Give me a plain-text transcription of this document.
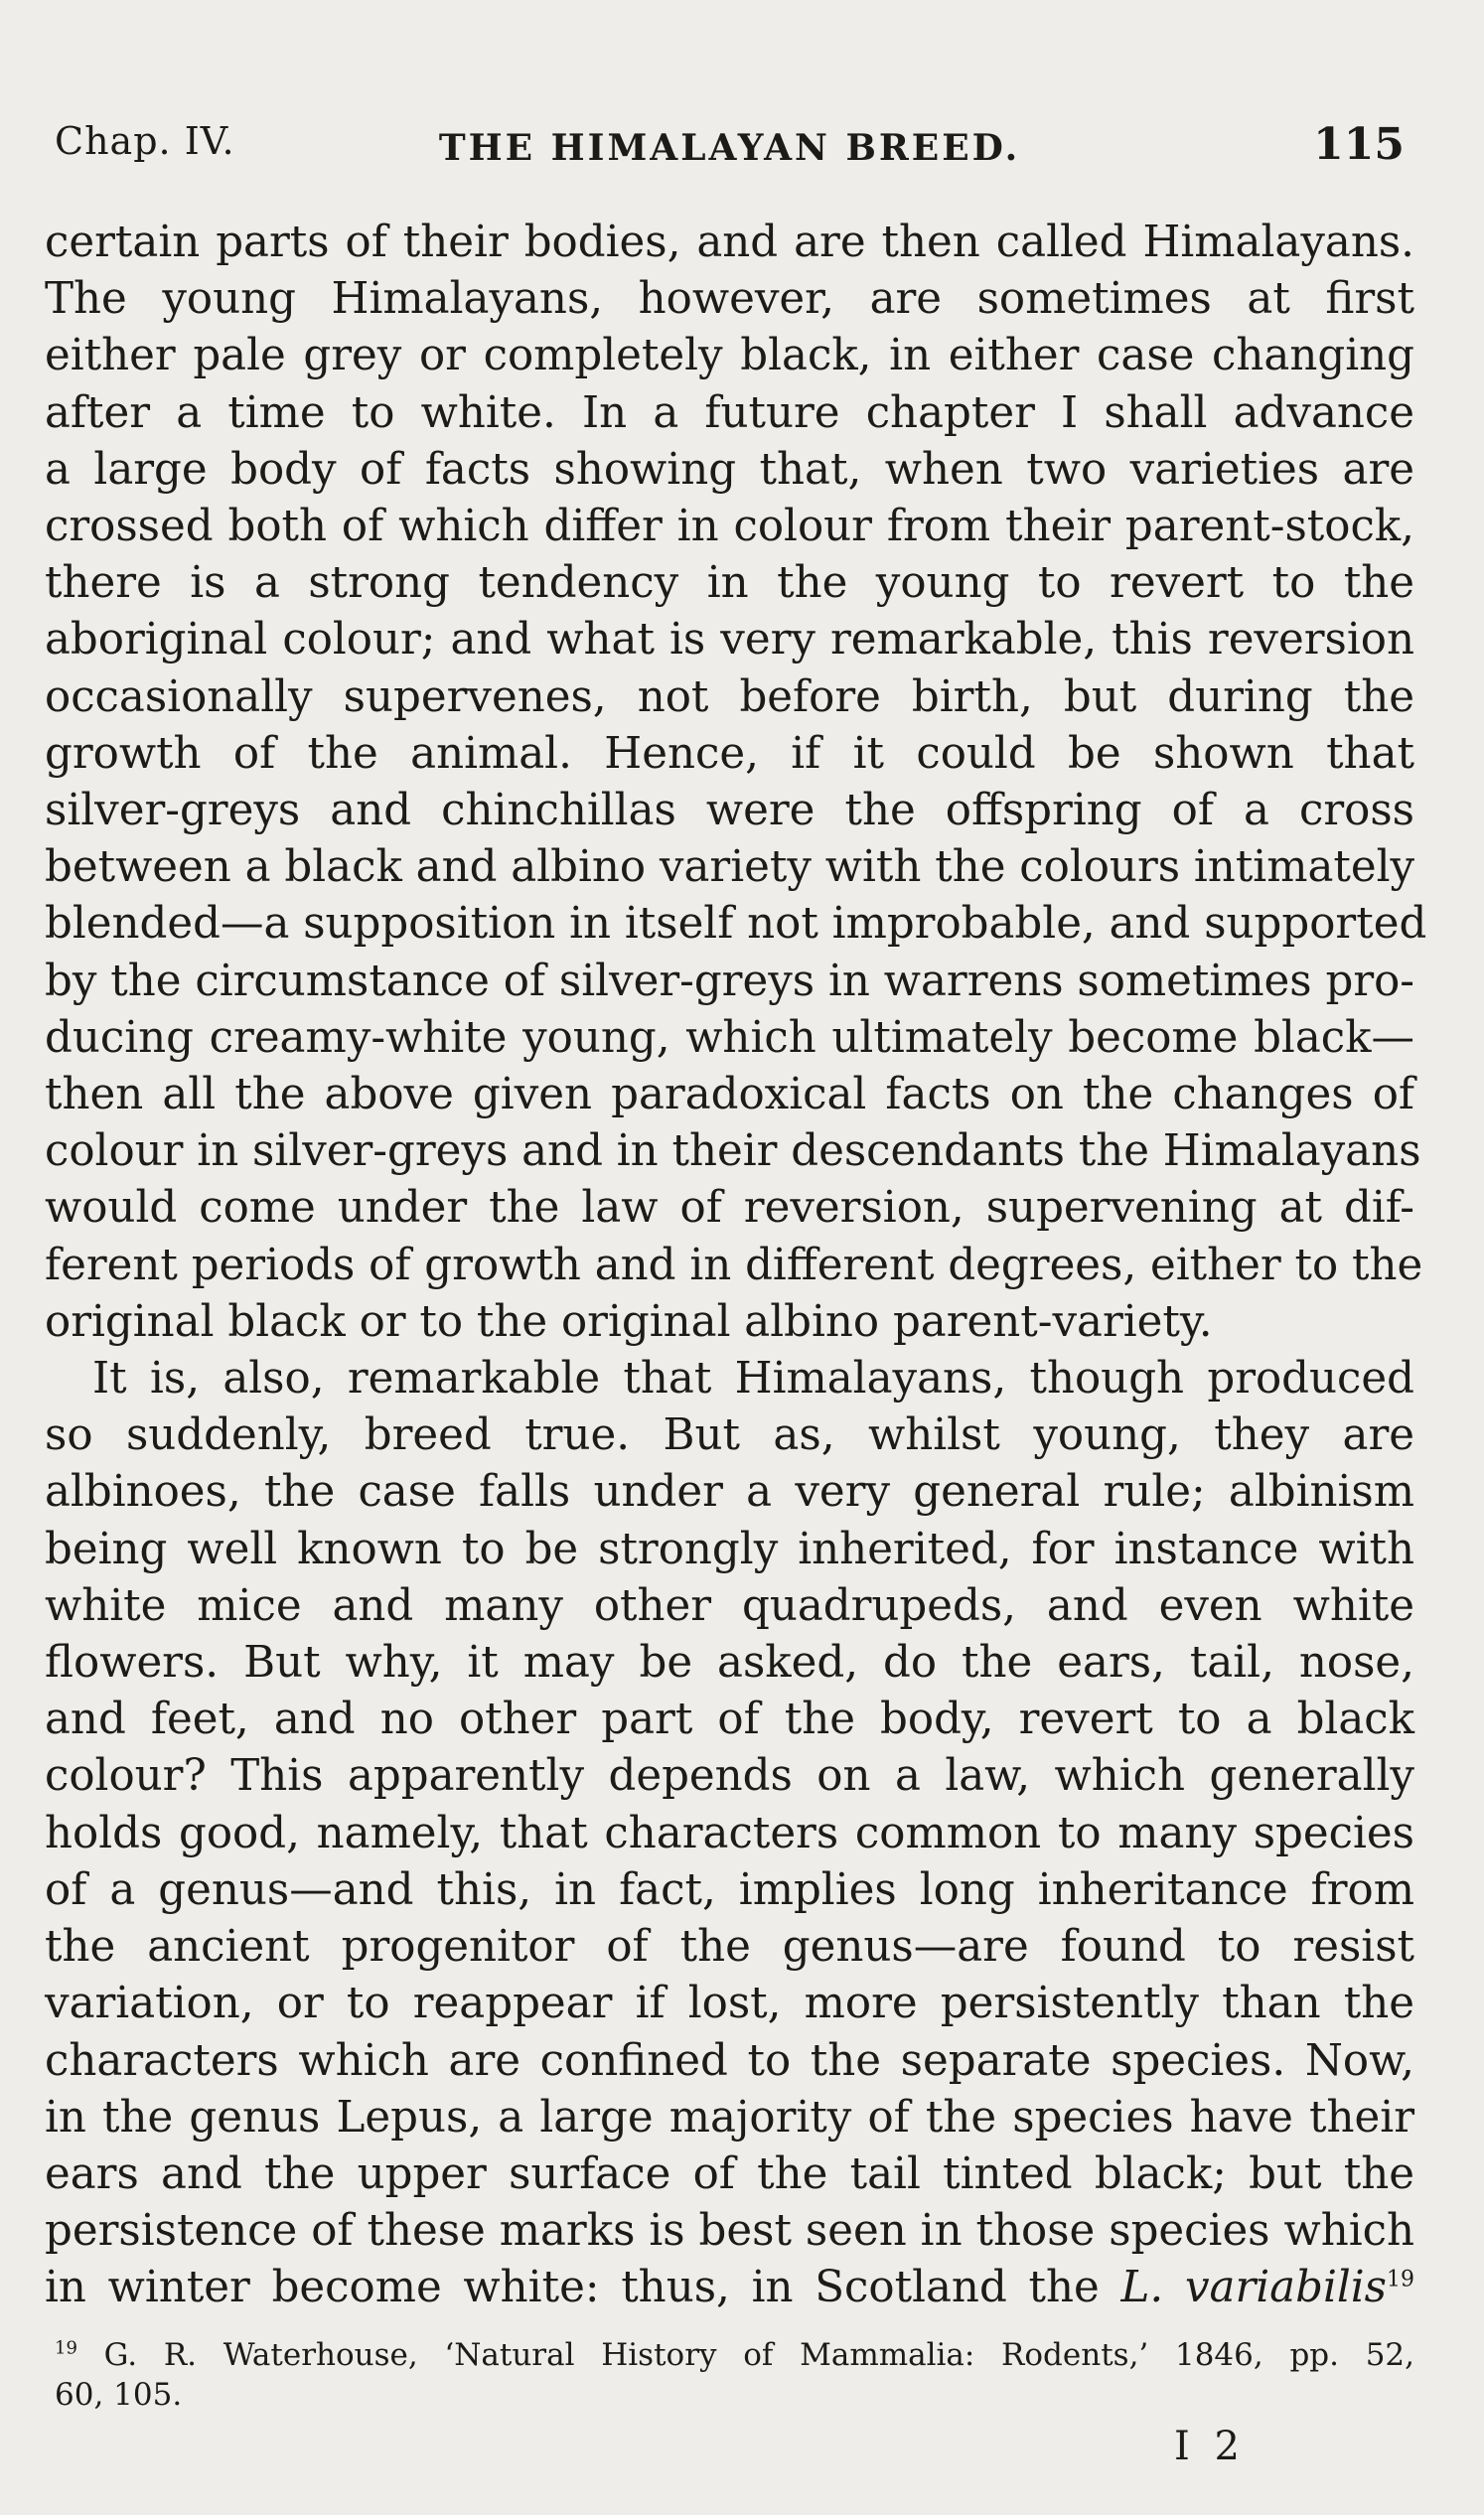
Chap. IV.	THE HIMALAYAN BREED.	115
certain parts of their bodies, and are then called Himalayans.
The young Himalayans, however, are sometimes at first
either pale grey or completely black, in either case changing
after a time to white. In a future chapter I shall advance
a large body of facts showing that, when two varieties are
crossed both of which differ in colour from their parent-stock,
there is a strong tendency in the young to revert to the
aboriginal colour; and what is very remarkable, this reversion
occasionally supervenes, not before birth, but during the
growth of the animal. Hence, if it could be shown that
silver-greys and chinchillas were the offspring of a cross
between a black and albino variety with the colours intimately
blended—a supposition in itself not improbable, and supported
by the circumstance of silver-greys in warrens sometimes pro-
ducing creamy-white young, which ultimately become black—
then all the above given paradoxical facts on the changes of
colour in silver-greys and in their descendants the Himalayans
would come under the law of reversion, supervening at dif-
ferent periods of growth and in different degrees, either to the
original black or to the original albino parent-variety.
It is, also, remarkable that Himalayans, though produced
so suddenly, breed true. But as, whilst young, they are
albinoes, the case falls under a very general rule; albinism
being well known to be strongly inherited, for instance with
white mice and many other quadrupeds, and even white
flowers. But why, it may be asked, do the ears, tail, nose,
and feet, and no other part of the body, revert to a black
colour? This apparently depends on a law, which generally
holds good, namely, that characters common to many species
of a genus—and this, in fact, implies long inheritance from
the ancient progenitor of the genus—are found to resist
variation, or to reappear if lost, more persistently than the
characters which are confined to the separate species. Now,
in the genus Lepus, a large majority of the species have their
ears and the upper surface of the tail tinted black; but the
persistence of these marks is best seen in those species which
in winter become white: thus, in Scotland the L. variabilis$^{19}$
$^{19}$ G. R. Waterhouse, ‘Natural History of Mammalia: Rodents,’ 1846, pp. 52,
60, 105.
I 2
